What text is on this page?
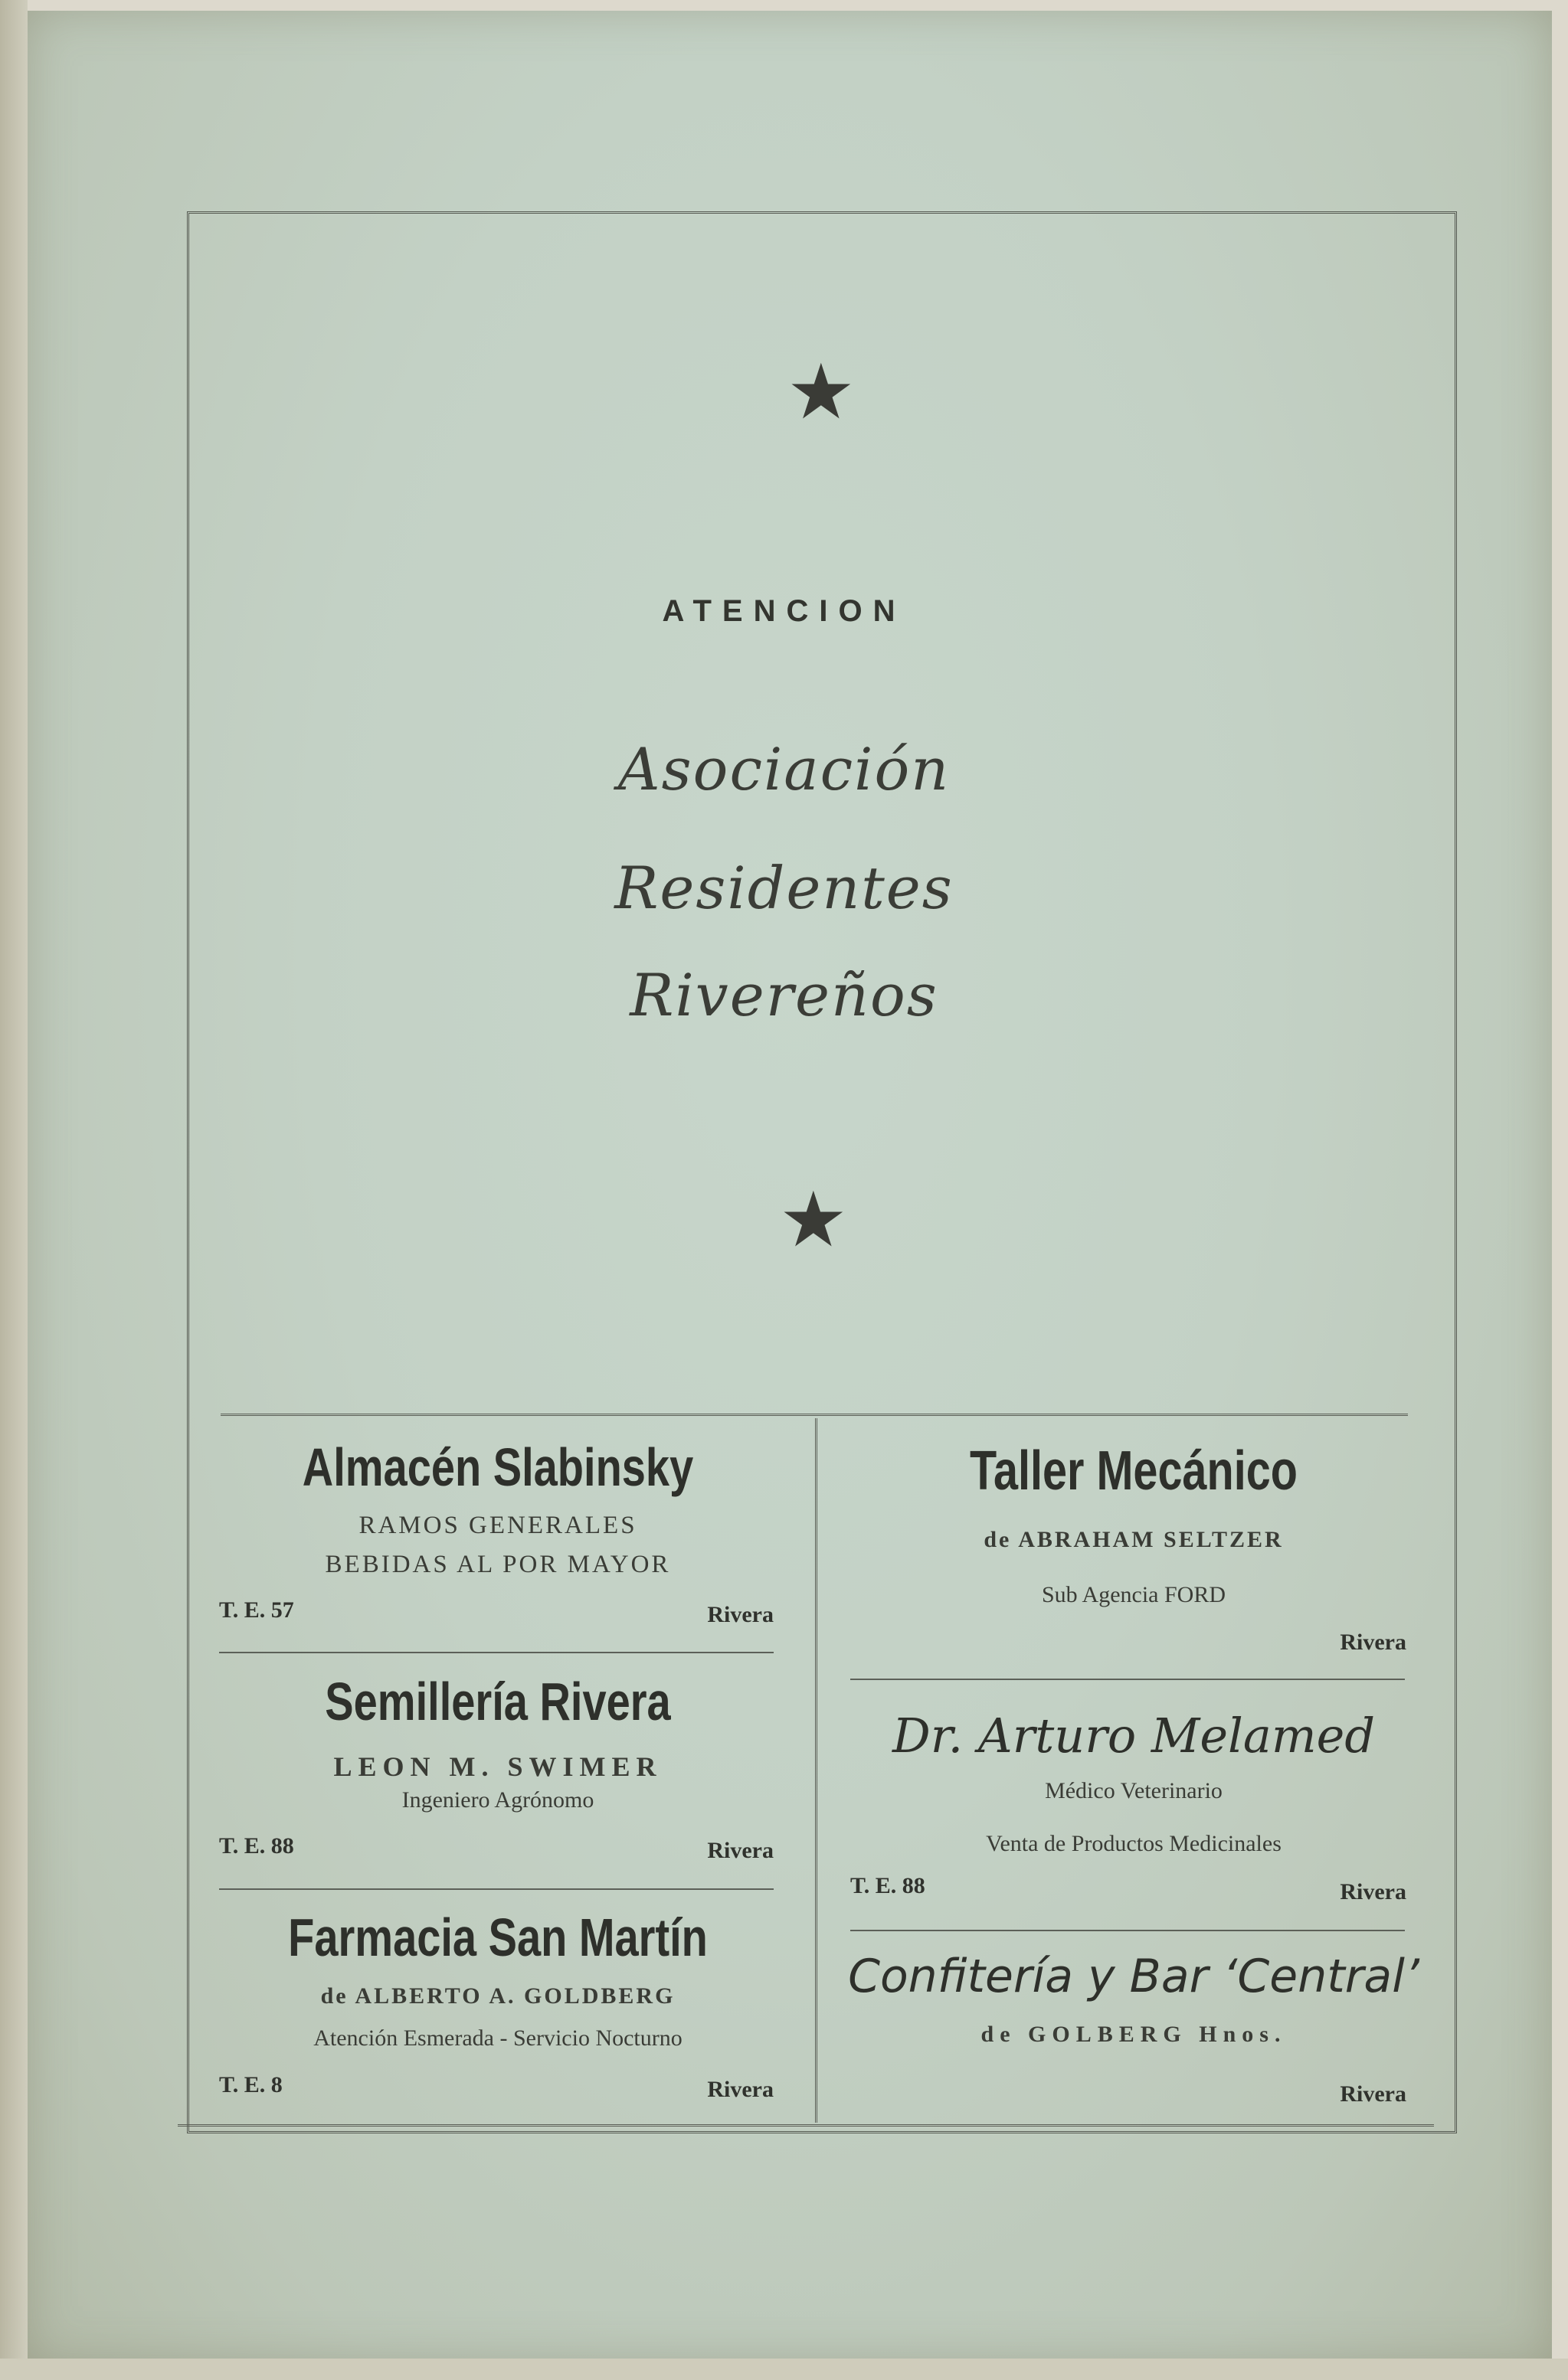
★
ATENCION
Asociación
Residentes
Rivereños
★
Almacén Slabinsky
RAMOS GENERALES
BEBIDAS AL POR MAYOR
T. E. 57	Rivera
Semillería Rivera
LEON M. SWIMER
Ingeniero Agrónomo
T. E. 88	Rivera
Farmacia San Martín
de ALBERTO A. GOLDBERG
Atención Esmerada - Servicio Nocturno
T. E. 8	Rivera
Taller Mecánico
de ABRAHAM SELTZER
Sub Agencia FORD
Rivera
Dr. Arturo Melamed
Médico Veterinario
Venta de Productos Medicinales
T. E. 88	Rivera
Confitería y Bar ‘Central’
de GOLBERG Hnos.
Rivera
